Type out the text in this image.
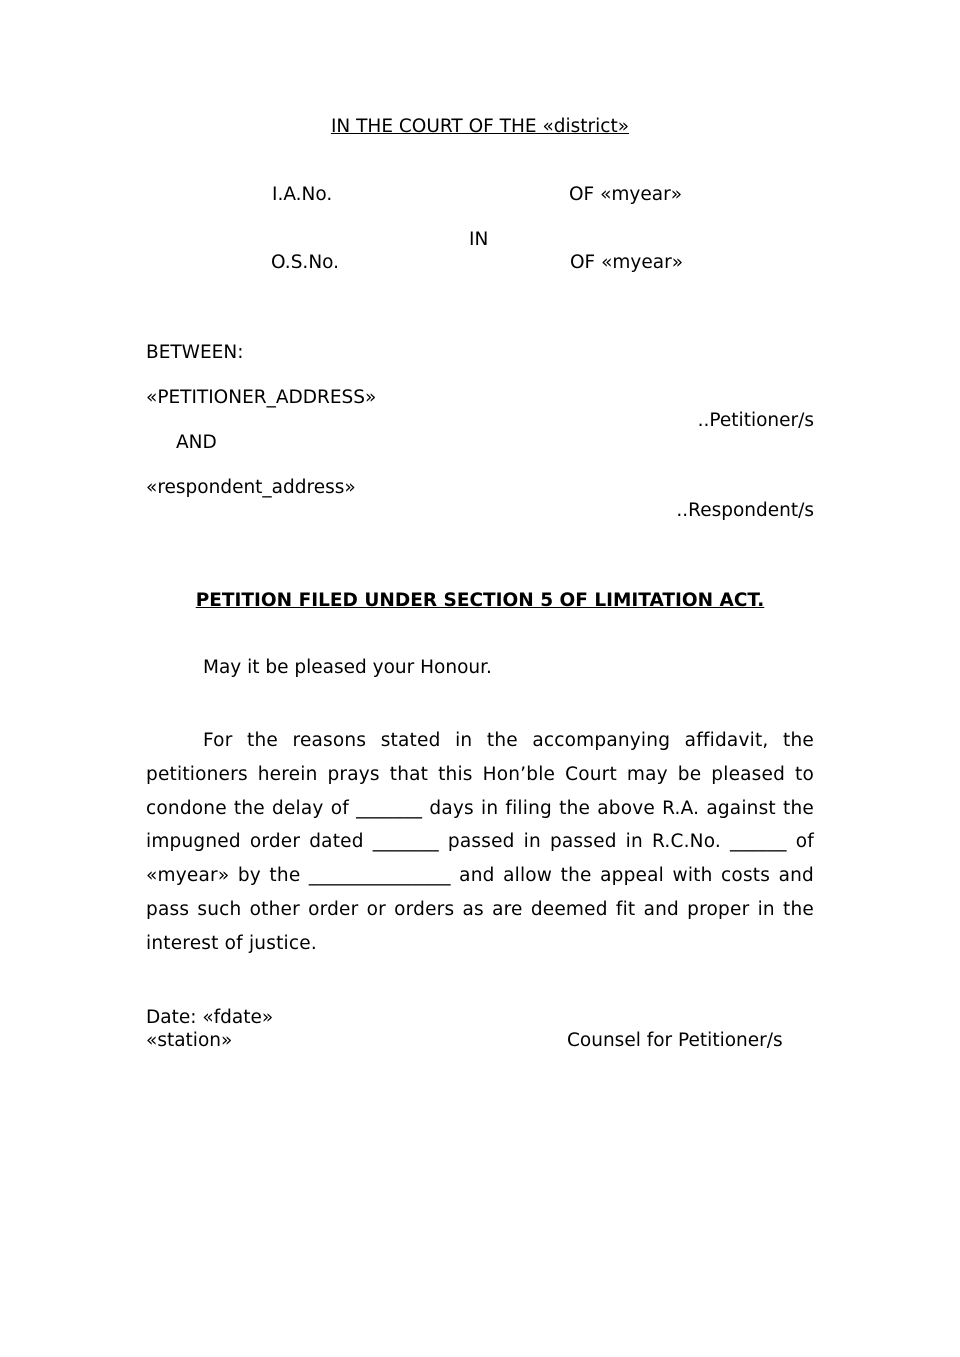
IN THE COURT OF THE «district»
I.A.No.	OF «myear»
IN
O.S.No.	OF «myear»
BETWEEN:
«PETITIONER_ADDRESS»
..Petitioner/s
AND
«respondent_address»
..Respondent/s
PETITION FILED UNDER SECTION 5 OF LIMITATION ACT.
May it be pleased your Honour.
For the reasons stated in the accompanying affidavit, the petitioners herein prays that this Hon’ble Court may be pleased to condone the delay of _______ days in filing the above R.A. against the impugned order dated _______ passed in passed in R.C.No. ______ of «myear» by the _______________ and allow the appeal with costs and pass such other order or orders as are deemed fit and proper in the interest of justice.
Date: «fdate»
«station»	Counsel for Petitioner/s
